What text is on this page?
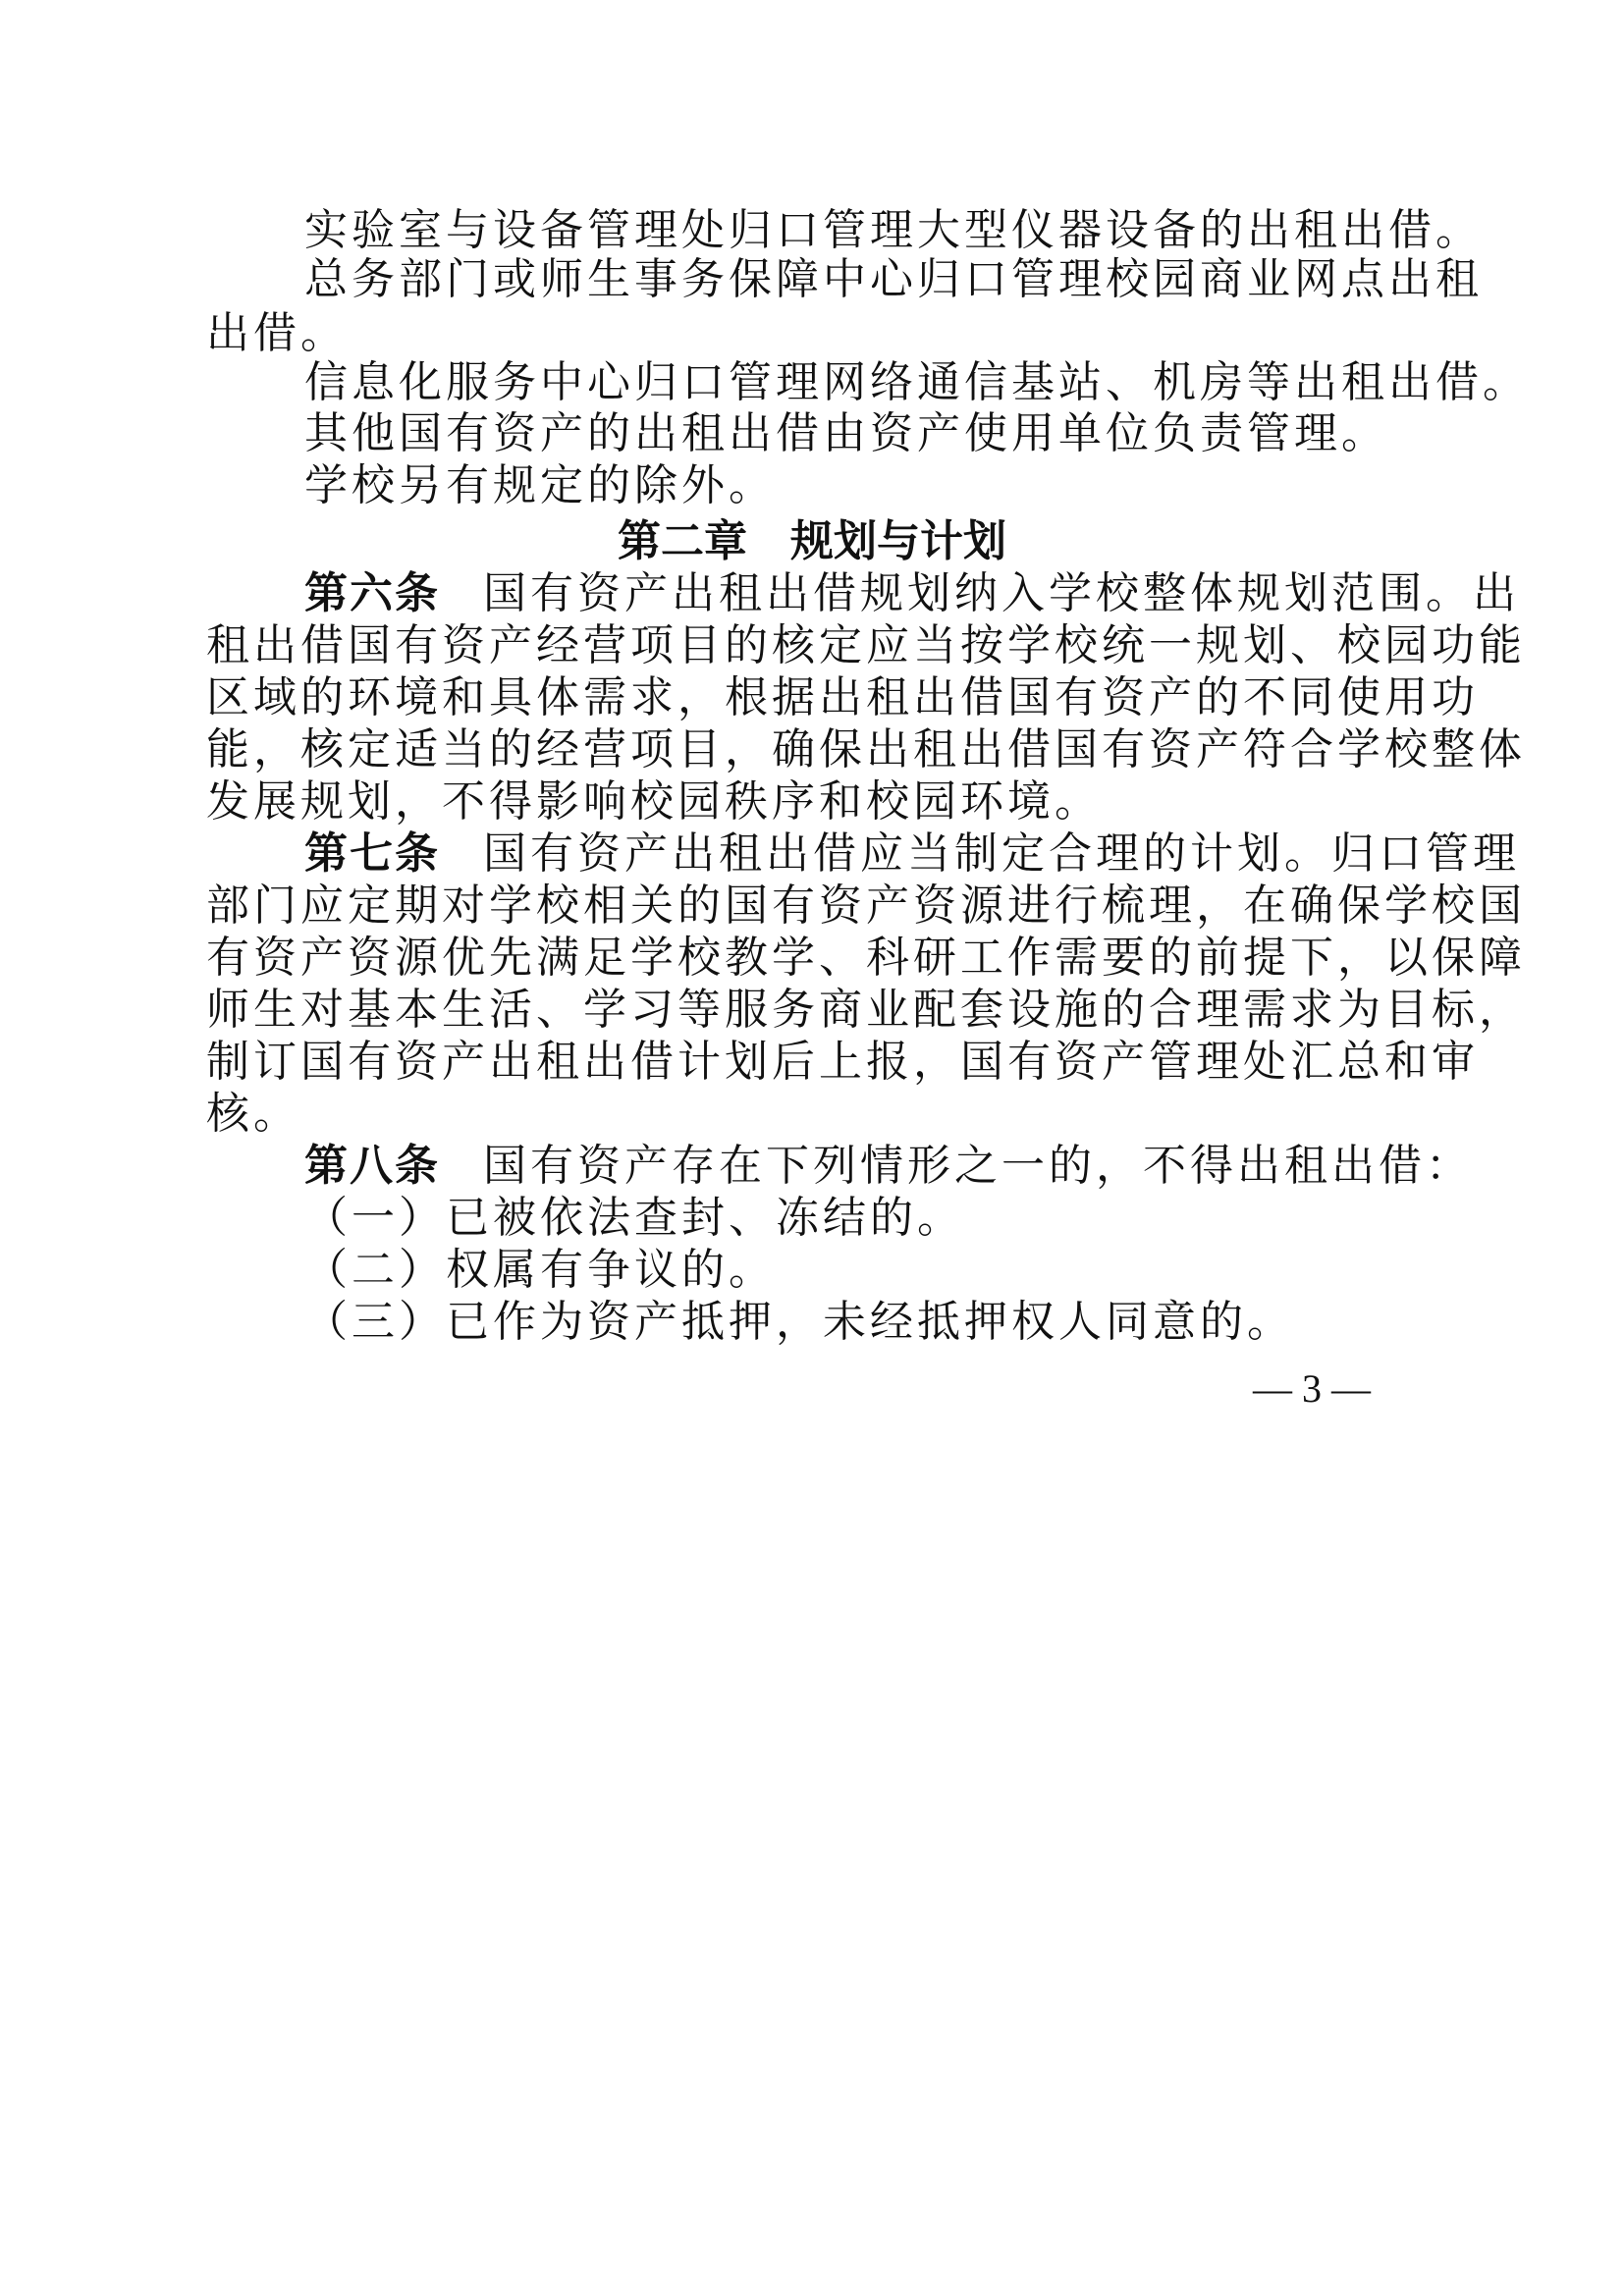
实验室与设备管理处归口管理大型仪器设备的出租出借。
总务部门或师生事务保障中心归口管理校园商业网点出租
出借。
信息化服务中心归口管理网络通信基站、机房等出租出借。
其他国有资产的出租出借由资产使用单位负责管理。
学校另有规定的除外。
第二章 规划与计划
第六条 国有资产出租出借规划纳入学校整体规划范围。出
租出借国有资产经营项目的核定应当按学校统一规划、校园功能
区域的环境和具体需求，根据出租出借国有资产的不同使用功
能，核定适当的经营项目，确保出租出借国有资产符合学校整体
发展规划，不得影响校园秩序和校园环境。
第七条 国有资产出租出借应当制定合理的计划。归口管理
部门应定期对学校相关的国有资产资源进行梳理，在确保学校国
有资产资源优先满足学校教学、科研工作需要的前提下，以保障
师生对基本生活、学习等服务商业配套设施的合理需求为目标，
制订国有资产出租出借计划后上报，国有资产管理处汇总和审
核。
第八条 国有资产存在下列情形之一的，不得出租出借：
（一）已被依法查封、冻结的。
（二）权属有争议的。
（三）已作为资产抵押，未经抵押权人同意的。
— 3 —
